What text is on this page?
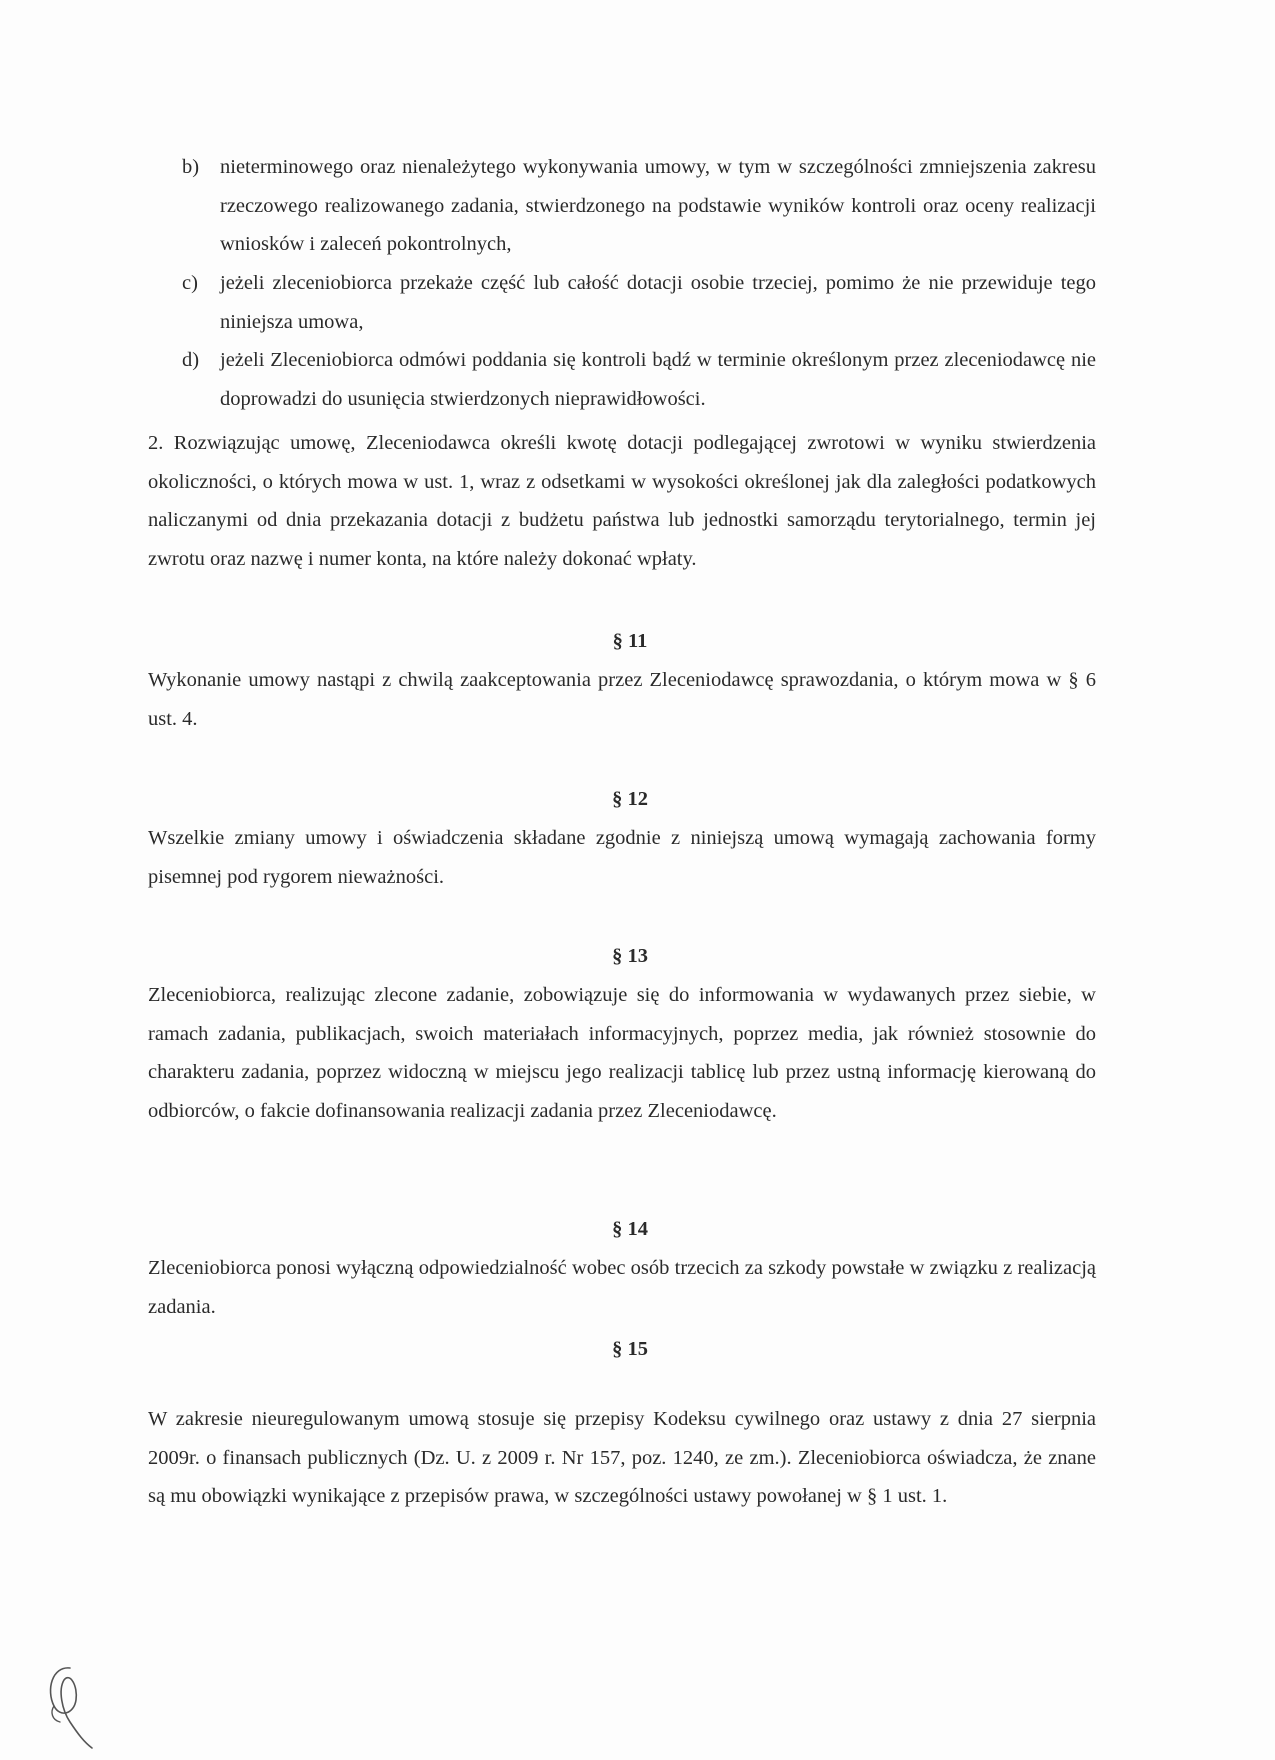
b)	nieterminowego oraz nienależytego wykonywania umowy, w tym w szczególności zmniejszenia zakresu rzeczowego realizowanego zadania, stwierdzonego na podstawie wyników kontroli oraz oceny realizacji wniosków i zaleceń pokontrolnych,
c)	jeżeli zleceniobiorca przekaże część lub całość dotacji osobie trzeciej, pomimo że nie przewiduje tego niniejsza umowa,
d)	jeżeli Zleceniobiorca odmówi poddania się kontroli bądź w terminie określonym przez zleceniodawcę nie doprowadzi do usunięcia stwierdzonych nieprawidłowości.
2. Rozwiązując umowę, Zleceniodawca określi kwotę dotacji podlegającej zwrotowi w wyniku stwierdzenia okoliczności, o których mowa w ust. 1, wraz z odsetkami w wysokości określonej jak dla zaległości podatkowych naliczanymi od dnia przekazania dotacji z budżetu państwa lub jednostki samorządu terytorialnego, termin jej zwrotu oraz nazwę i numer konta, na które należy dokonać wpłaty.
§ 11
Wykonanie umowy nastąpi z chwilą zaakceptowania przez Zleceniodawcę sprawozdania, o którym mowa w § 6 ust. 4.
§ 12
Wszelkie zmiany umowy i oświadczenia składane zgodnie z niniejszą umową wymagają zachowania formy pisemnej pod rygorem nieważności.
§ 13
Zleceniobiorca, realizując zlecone zadanie, zobowiązuje się do informowania w wydawanych przez siebie, w ramach zadania, publikacjach, swoich materiałach informacyjnych, poprzez media, jak również stosownie do charakteru zadania, poprzez widoczną w miejscu jego realizacji tablicę lub przez ustną informację kierowaną do odbiorców, o fakcie dofinansowania realizacji zadania przez Zleceniodawcę.
§ 14
Zleceniobiorca ponosi wyłączną odpowiedzialność wobec osób trzecich za szkody powstałe w związku z realizacją zadania.
§ 15
W zakresie nieuregulowanym umową stosuje się przepisy Kodeksu cywilnego oraz ustawy z dnia 27 sierpnia 2009r. o finansach publicznych (Dz. U. z 2009 r. Nr 157, poz. 1240, ze zm.). Zleceniobiorca oświadcza, że znane są mu obowiązki wynikające z przepisów prawa, w szczególności ustawy powołanej w § 1 ust. 1.
